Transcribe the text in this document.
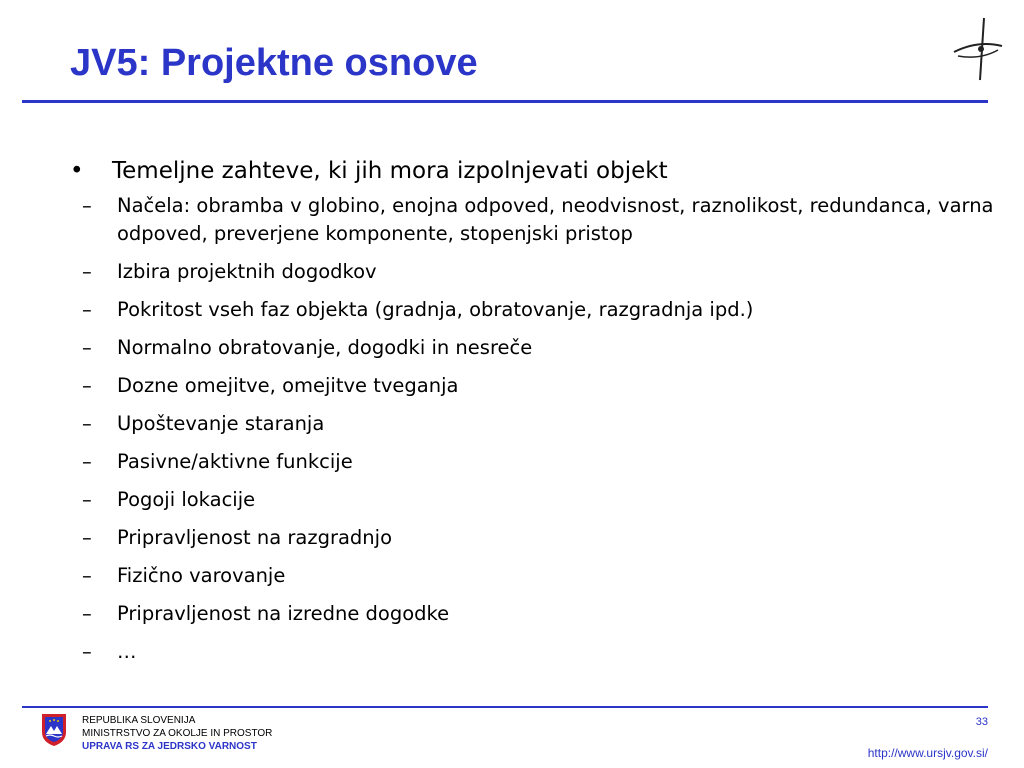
JV5: Projektne osnove
• Temeljne zahteve, ki jih mora izpolnjevati objekt
– Načela: obramba v globino, enojna odpoved, neodvisnost, raznolikost, redundanca, varna odpoved, preverjene komponente, stopenjski pristop
– Izbira projektnih dogodkov
– Pokritost vseh faz objekta (gradnja, obratovanje, razgradnja ipd.)
– Normalno obratovanje, dogodki in nesreče
– Dozne omejitve, omejitve tveganja
– Upoštevanje staranja
– Pasivne/aktivne funkcije
– Pogoji lokacije
– Pripravljenost na razgradnjo
– Fizično varovanje
– Pripravljenost na izredne dogodke
– …
REPUBLIKA SLOVENIJA
MINISTRSTVO ZA OKOLJE IN PROSTOR
UPRAVA RS ZA JEDRSKO VARNOST
33
http://www.ursjv.gov.si/
